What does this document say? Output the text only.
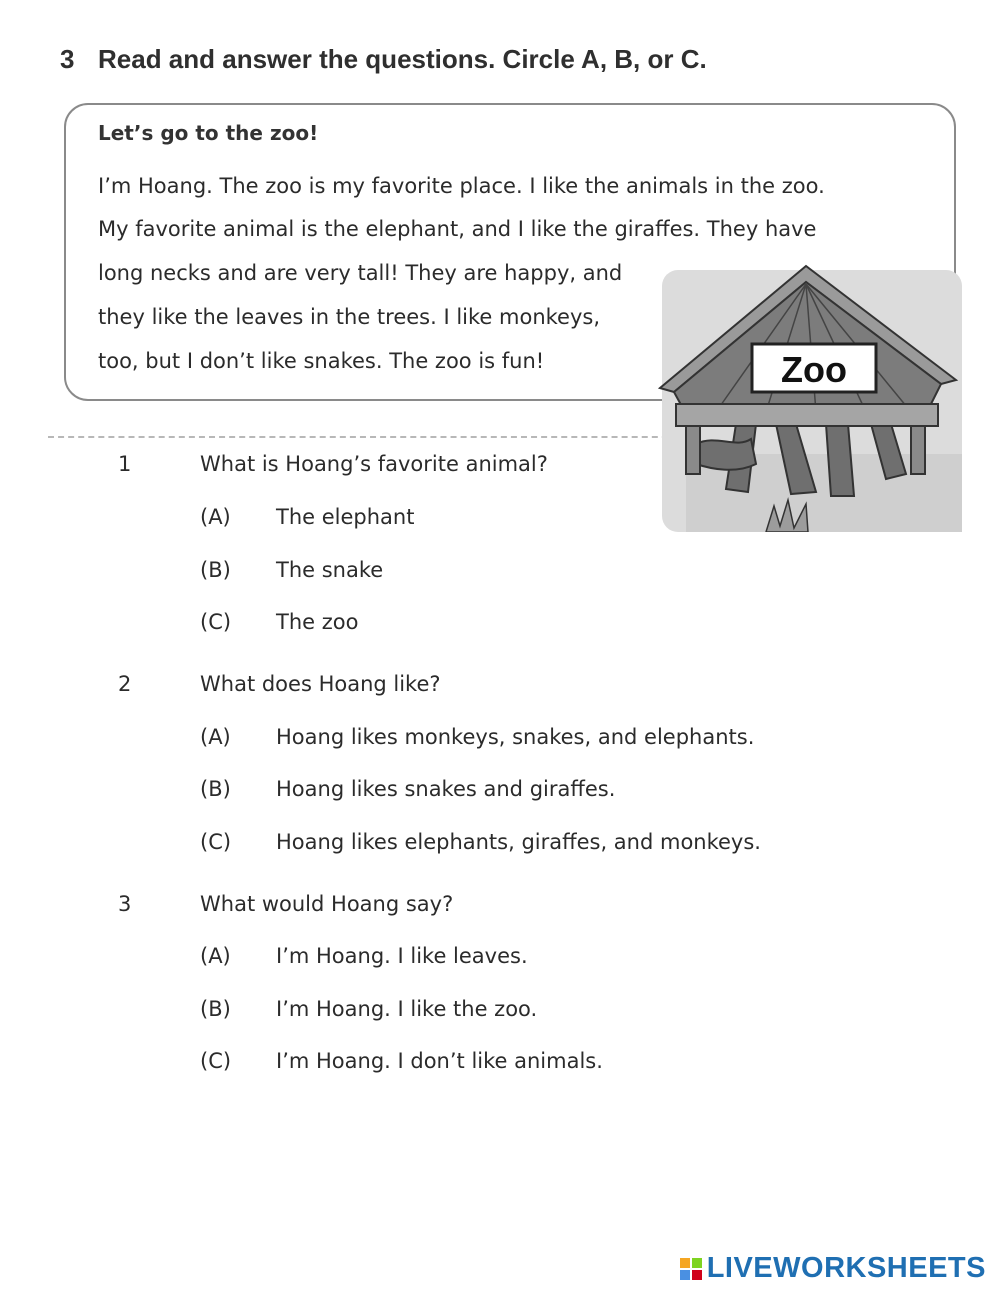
3 Read and answer the questions. Circle A, B, or C.
Let’s go to the zoo!
I’m Hoang. The zoo is my favorite place. I like the animals in the zoo.
My favorite animal is the elephant, and I like the giraffes. They have
long necks and are very tall! They are happy, and
they like the leaves in the trees. I like monkeys,
too, but I don’t like snakes. The zoo is fun!	Zoo
1	What is Hoang’s favorite animal?
(A) The elephant
(B) The snake
(C) The zoo
2	What does Hoang like?
(A) Hoang likes monkeys, snakes, and elephants.
(B) Hoang likes snakes and giraffes.
(C) Hoang likes elephants, giraffes, and monkeys.
3	What would Hoang say?
(A) I’m Hoang. I like leaves.
(B) I’m Hoang. I like the zoo.
(C) I’m Hoang. I don’t like animals.
LIVEWORKSHEETS
